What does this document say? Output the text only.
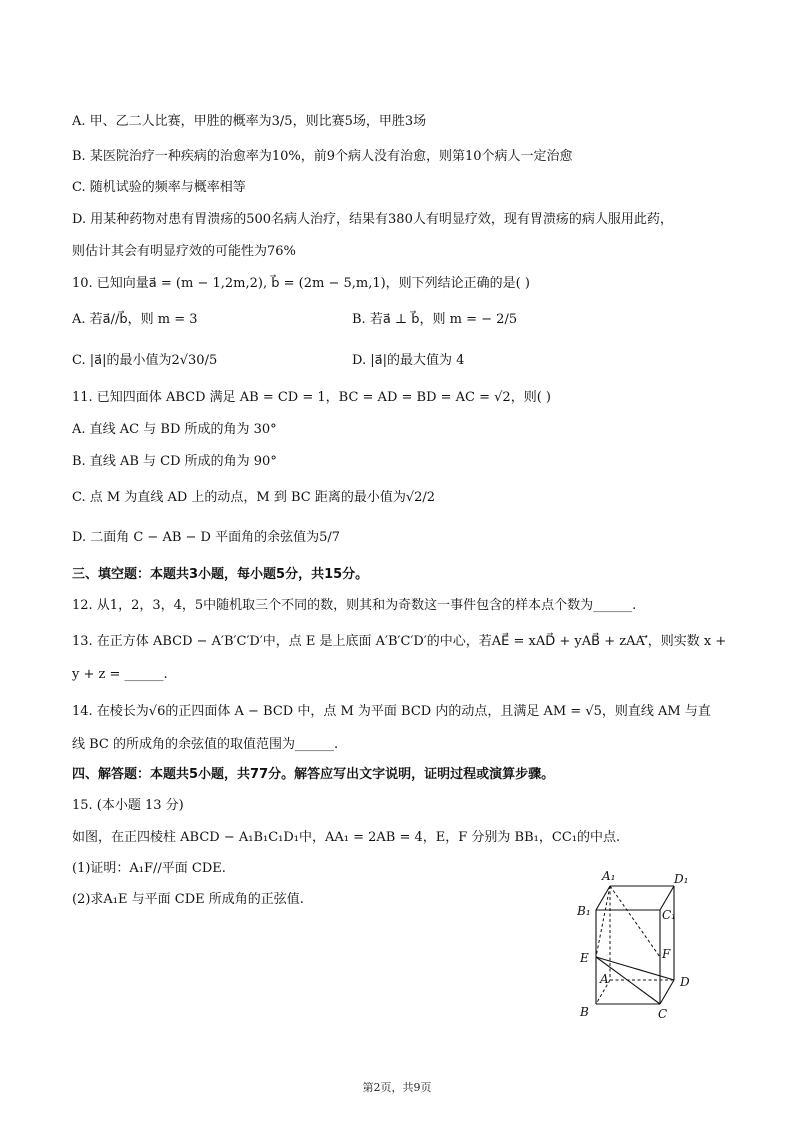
A. 甲、乙二人比赛，甲胜的概率为3/5，则比赛5场，甲胜3场
B. 某医院治疗一种疾病的治愈率为10%，前9个病人没有治愈，则第10个病人一定治愈
C. 随机试验的频率与概率相等
D. 用某种药物对患有胃溃疡的500名病人治疗，结果有380人有明显疗效，现有胃溃疡的病人服用此药，
则估计其会有明显疗效的可能性为76%
10. 已知向量a⃗ = (m − 1,2m,2), b⃗ = (2m − 5,m,1)，则下列结论正确的是( )
A. 若a⃗//b⃗，则 m = 3	B. 若a⃗ ⊥ b⃗，则 m = − 2/5
C. |a⃗|的最小值为2√30/5	D. |a⃗|的最大值为 4
11. 已知四面体 ABCD 满足 AB = CD = 1，BC = AD = BD = AC = √2，则( )
A. 直线 AC 与 BD 所成的角为 30°
B. 直线 AB 与 CD 所成的角为 90°
C. 点 M 为直线 AD 上的动点，M 到 BC 距离的最小值为√2/2
D. 二面角 C − AB − D 平面角的余弦值为5/7
三、填空题：本题共3小题，每小题5分，共15分。
12. 从1，2，3，4，5中随机取三个不同的数，则其和为奇数这一事件包含的样本点个数为______.
13. 在正方体 ABCD − A′B′C′D′中，点 E 是上底面 A′B′C′D′的中心，若AE⃗ = xAD⃗ + yAB⃗ + zAA′⃗，则实数 x +
y + z = ______.
14. 在棱长为√6的正四面体 A − BCD 中，点 M 为平面 BCD 内的动点，且满足 AM = √5，则直线 AM 与直
线 BC 的所成角的余弦值的取值范围为______.
四、解答题：本题共5小题，共77分。解答应写出文字说明，证明过程或演算步骤。
15. (本小题 13 分)
如图，在正四棱柱 ABCD − A₁B₁C₁D₁中，AA₁ = 2AB = 4，E，F 分别为 BB₁，CC₁的中点.
(1)证明：A₁F//平面 CDE.
(2)求A₁E 与平面 CDE 所成角的正弦值.
A₁	D₁
B₁	C₁
E	F
A	D
B	C
第2页，共9页
